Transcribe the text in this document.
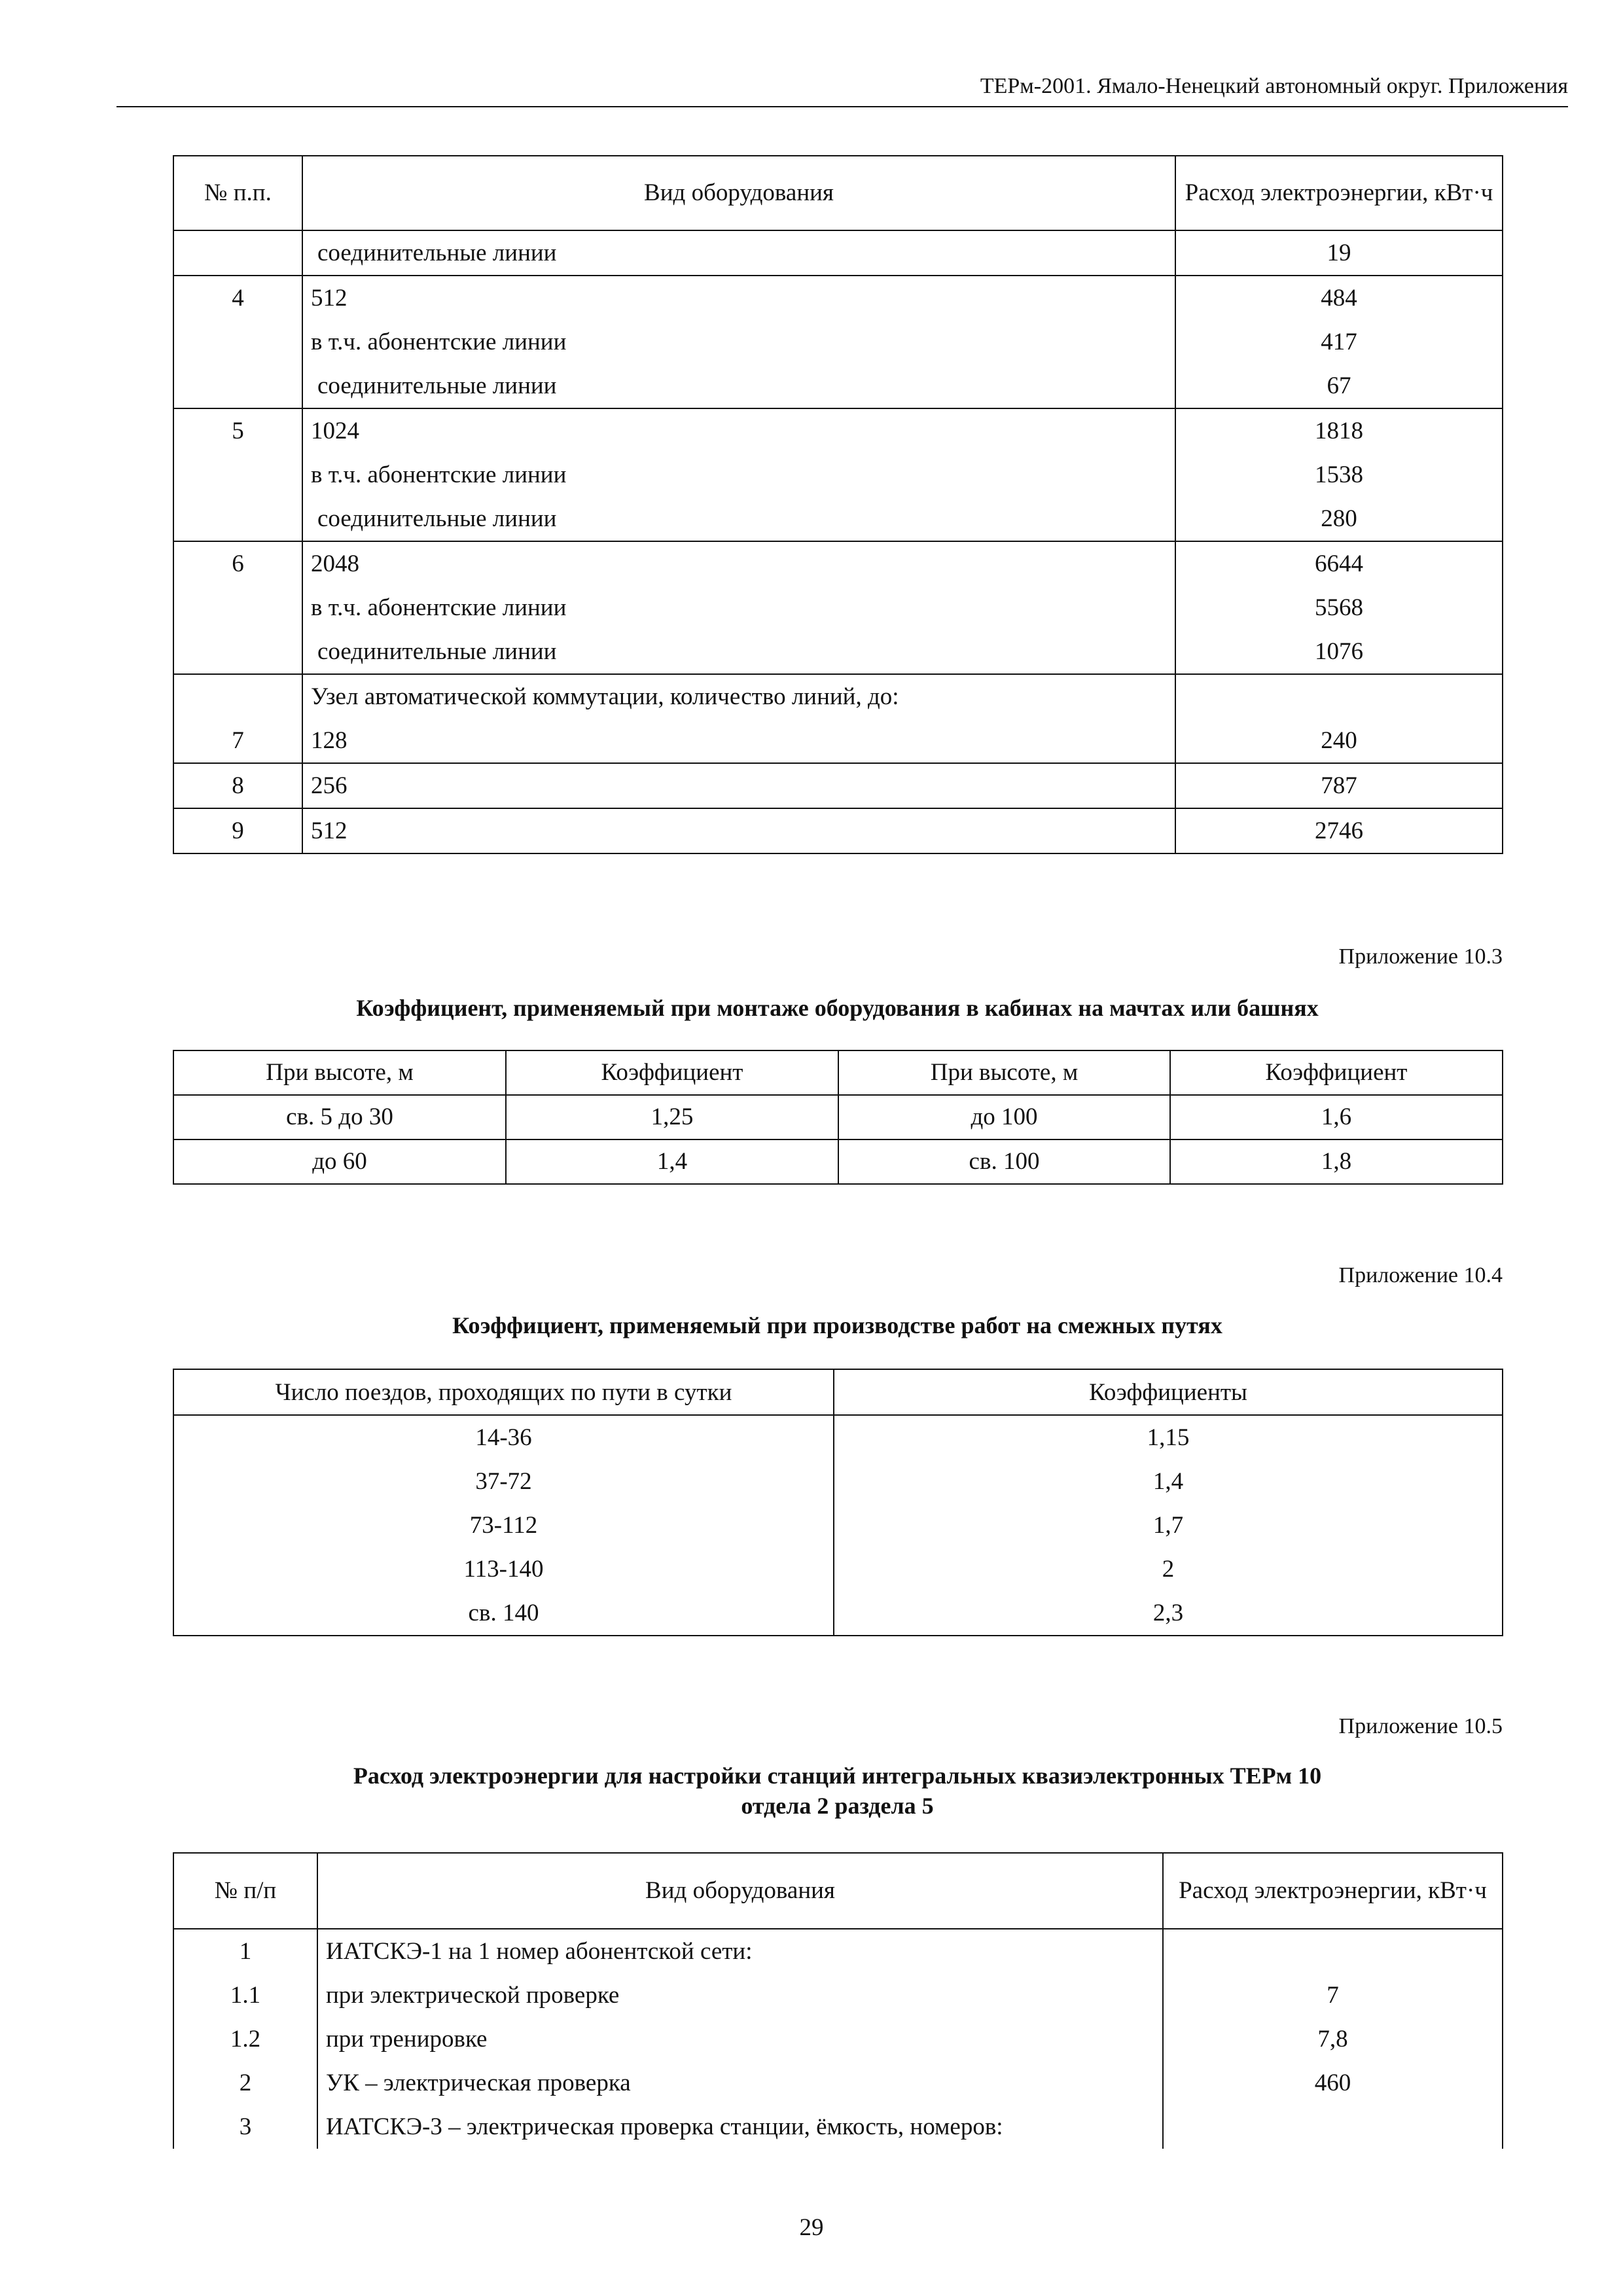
ТЕРм-2001. Ямало-Ненецкий автономный округ. Приложения
№ п.п.	Вид оборудования	Расход электроэнергии, кВт·ч
	соединительные линии	19
4	512	484
	в т.ч. абонентские линии	417
	соединительные линии	67
5	1024	1818
	в т.ч. абонентские линии	1538
	соединительные линии	280
6	2048	6644
	в т.ч. абонентские линии	5568
	соединительные линии	1076
	Узел автоматической коммутации, количество линий, до:	
7	128	240
8	256	787
9	512	2746
Приложение 10.3
Коэффициент, применяемый при монтаже оборудования в кабинах на мачтах или башнях
При высоте, м	Коэффициент	При высоте, м	Коэффициент
св. 5 до 30	1,25	до 100	1,6
до 60	1,4	св. 100	1,8
Приложение 10.4
Коэффициент, применяемый при производстве работ на смежных путях
Число поездов, проходящих по пути в сутки	Коэффициенты
14-36	1,15
37-72	1,4
73-112	1,7
113-140	2
св. 140	2,3
Приложение 10.5
Расход электроэнергии для настройки станций интегральных квазиэлектронных ТЕРм 10
отдела 2 раздела 5
№ п/п	Вид оборудования	Расход электроэнергии, кВт·ч
1	ИАТСКЭ-1 на 1 номер абонентской сети:	
1.1	при электрической проверке	7
1.2	при тренировке	7,8
2	УК – электрическая проверка	460
3	ИАТСКЭ-3 – электрическая проверка станции, ёмкость, номеров:	
29
